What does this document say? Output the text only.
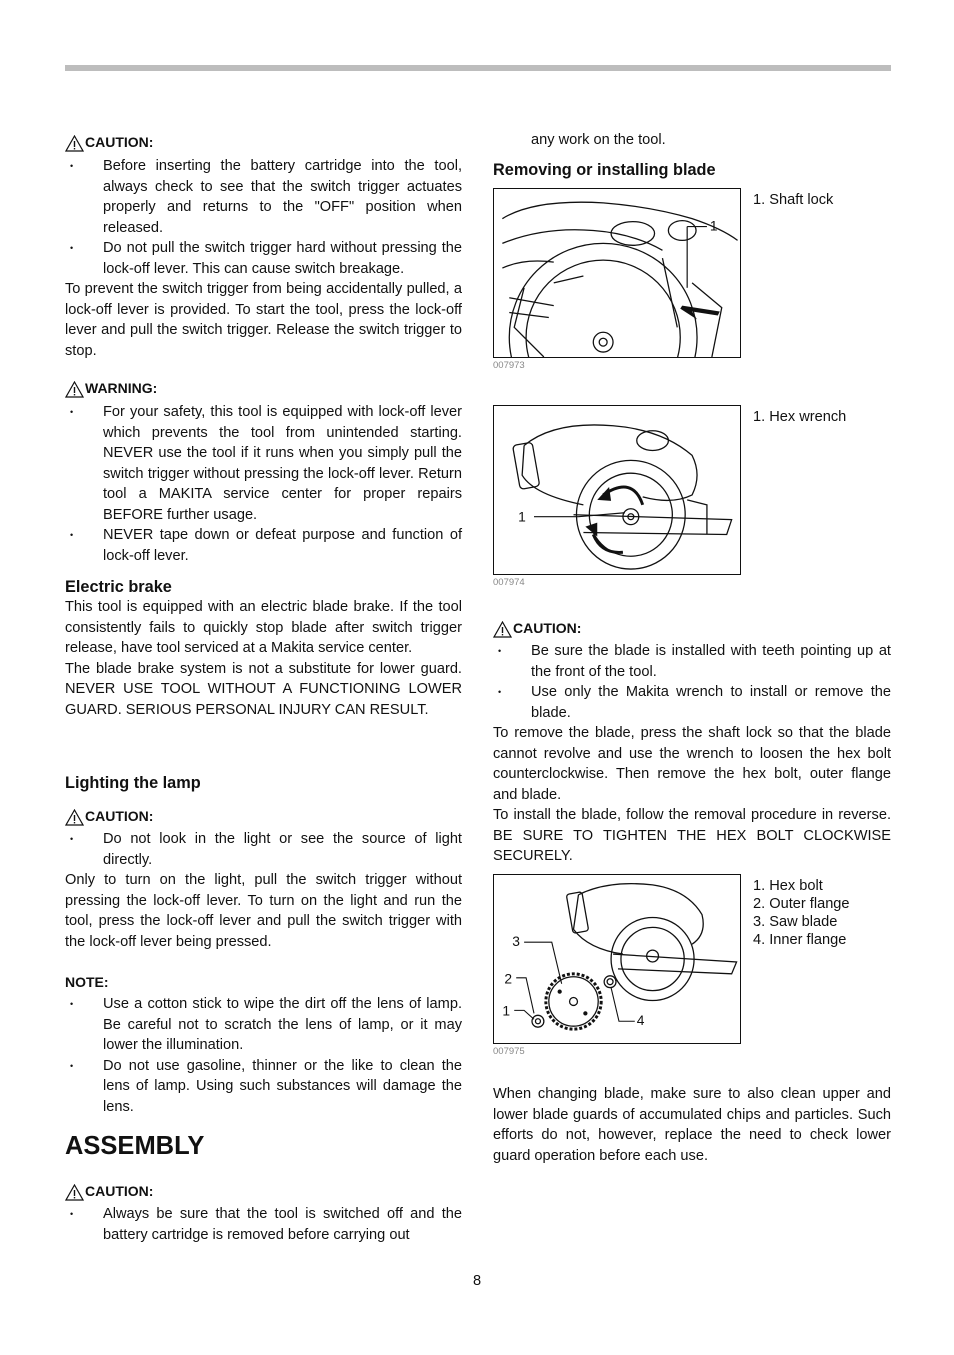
CAUTION:
• Before inserting the battery cartridge into the tool, always check to see that the switch trigger actuates properly and returns to the "OFF" position when released.
• Do not pull the switch trigger hard without pressing the lock-off lever. This can cause switch breakage.

To prevent the switch trigger from being accidentally pulled, a lock-off lever is provided. To start the tool, press the lock-off lever and pull the switch trigger. Release the switch trigger to stop.

WARNING:
• For your safety, this tool is equipped with lock-off lever which prevents the tool from unintended starting. NEVER use the tool if it runs when you simply pull the switch trigger without pressing the lock-off lever. Return tool a MAKITA service center for proper repairs BEFORE further usage.
• NEVER tape down or defeat purpose and function of lock-off lever.
Electric brake

This tool is equipped with an electric blade brake. If the tool consistently fails to quickly stop blade after switch trigger release, have tool serviced at a Makita service center.

The blade brake system is not a substitute for lower guard. NEVER USE TOOL WITHOUT A FUNCTIONING LOWER GUARD. SERIOUS PERSONAL INJURY CAN RESULT.

Lighting the lamp
CAUTION:
• Do not look in the light or see the source of light directly.

Only to turn on the light, pull the switch trigger without pressing the lock-off lever. To turn on the light and run the tool, press the lock-off lever and pull the switch trigger with the lock-off lever being pressed.

NOTE:
• Use a cotton stick to wipe the dirt off the lens of lamp. Be careful not to scratch the lens of lamp, or it may lower the illumination.
• Do not use gasoline, thinner or the like to clean the lens of lamp. Using such substances will damage the lens.
ASSEMBLY
CAUTION:
• Always be sure that the tool is switched off and the battery cartridge is removed before carrying out
any work on the tool.
Removing or installing blade
1
007973
1. Shaft lock
1
007974
1. Hex wrench
CAUTION:
• Be sure the blade is installed with teeth pointing up at the front of the tool.
• Use only the Makita wrench to install or remove the blade.

To remove the blade, press the shaft lock so that the blade cannot revolve and use the wrench to loosen the hex bolt counterclockwise. Then remove the hex bolt, outer flange and blade.

To install the blade, follow the removal procedure in reverse. BE SURE TO TIGHTEN THE HEX BOLT CLOCKWISE SECURELY.

3
2
1
4
007975
1. Hex bolt
2. Outer flange
3. Saw blade
4. Inner flange

When changing blade, make sure to also clean upper and lower blade guards of accumulated chips and particles. Such efforts do not, however, replace the need to check lower guard operation before each use.

8
